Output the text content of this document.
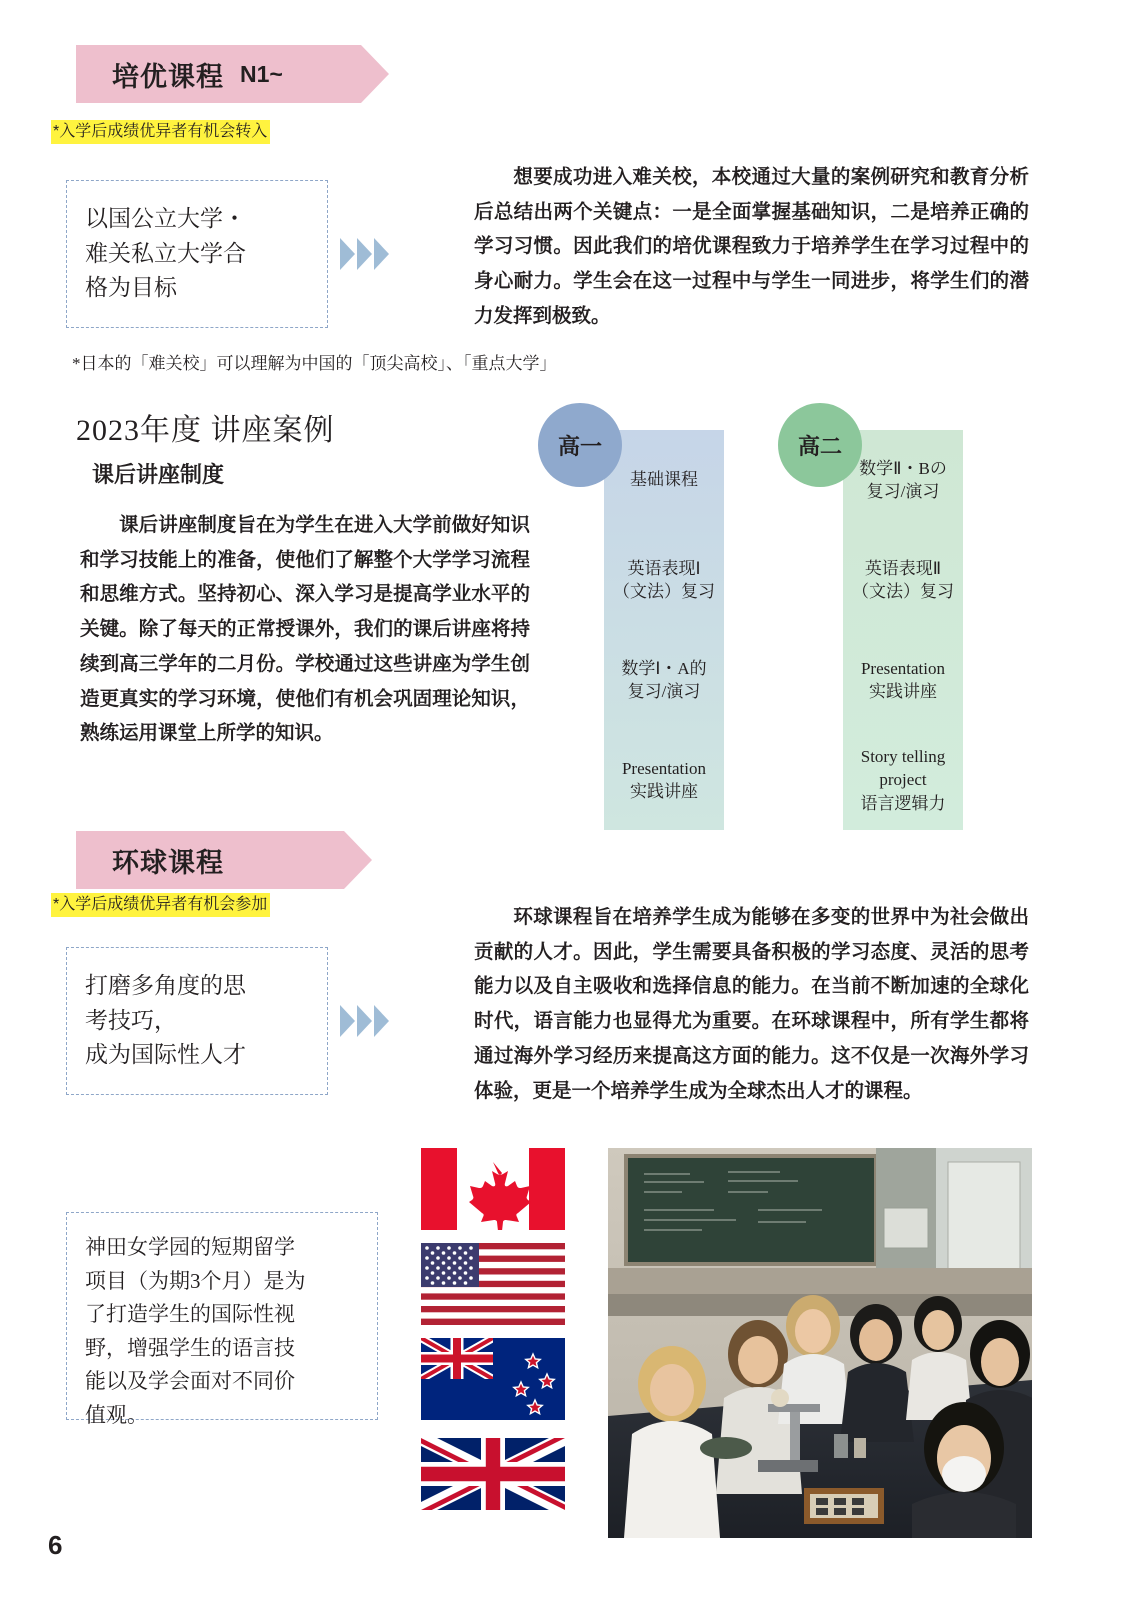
培优课程 N1~
*入学后成绩优异者有机会转入

以国公立大学・
难关私立大学合
格为目标

想要成功进入难关校，本校通过大量的案例研究和教育分析后总结出两个关键点：一是全面掌握基础知识，二是培养正确的学习习惯。因此我们的培优课程致力于培养学生在学习过程中的身心耐力。学生会在这一过程中与学生一同进步，将学生们的潜力发挥到极致。
*日本的「难关校」可以理解为中国的「顶尖高校」、「重点大学」
2023年度 讲座案例
课后讲座制度
课后讲座制度旨在为学生在进入大学前做好知识和学习技能上的准备，使他们了解整个大学学习流程和思维方式。坚持初心、深入学习是提高学业水平的关键。除了每天的正常授课外，我们的课后讲座将持续到高三学年的二月份。学校通过这些讲座为学生创造更真实的学习环境，使他们有机会巩固理论知识，熟练运用课堂上所学的知识。
基础课程
英语表现Ⅰ
（文法）复习
数学Ⅰ・A的
复习/演习
Presentation
实践讲座
高一
数学Ⅱ・Bの
复习/演习
英语表现Ⅱ
（文法）复习
Presentation
实践讲座
Story telling
project
语言逻辑力
高二
环球课程
*入学后成绩优异者有机会参加

打磨多角度的思
考技巧，
成为国际性人才

环球课程旨在培养学生成为能够在多变的世界中为社会做出贡献的人才。因此，学生需要具备积极的学习态度、灵活的思考能力以及自主吸收和选择信息的能力。在当前不断加速的全球化时代，语言能力也显得尤为重要。在环球课程中，所有学生都将通过海外学习经历来提高这方面的能力。这不仅是一次海外学习体验，更是一个培养学生成为全球杰出人才的课程。

神田女学园的短期留学
项目（为期3个月）是为
了打造学生的国际性视
野，增强学生的语言技
能以及学会面对不同价
值观。

6
